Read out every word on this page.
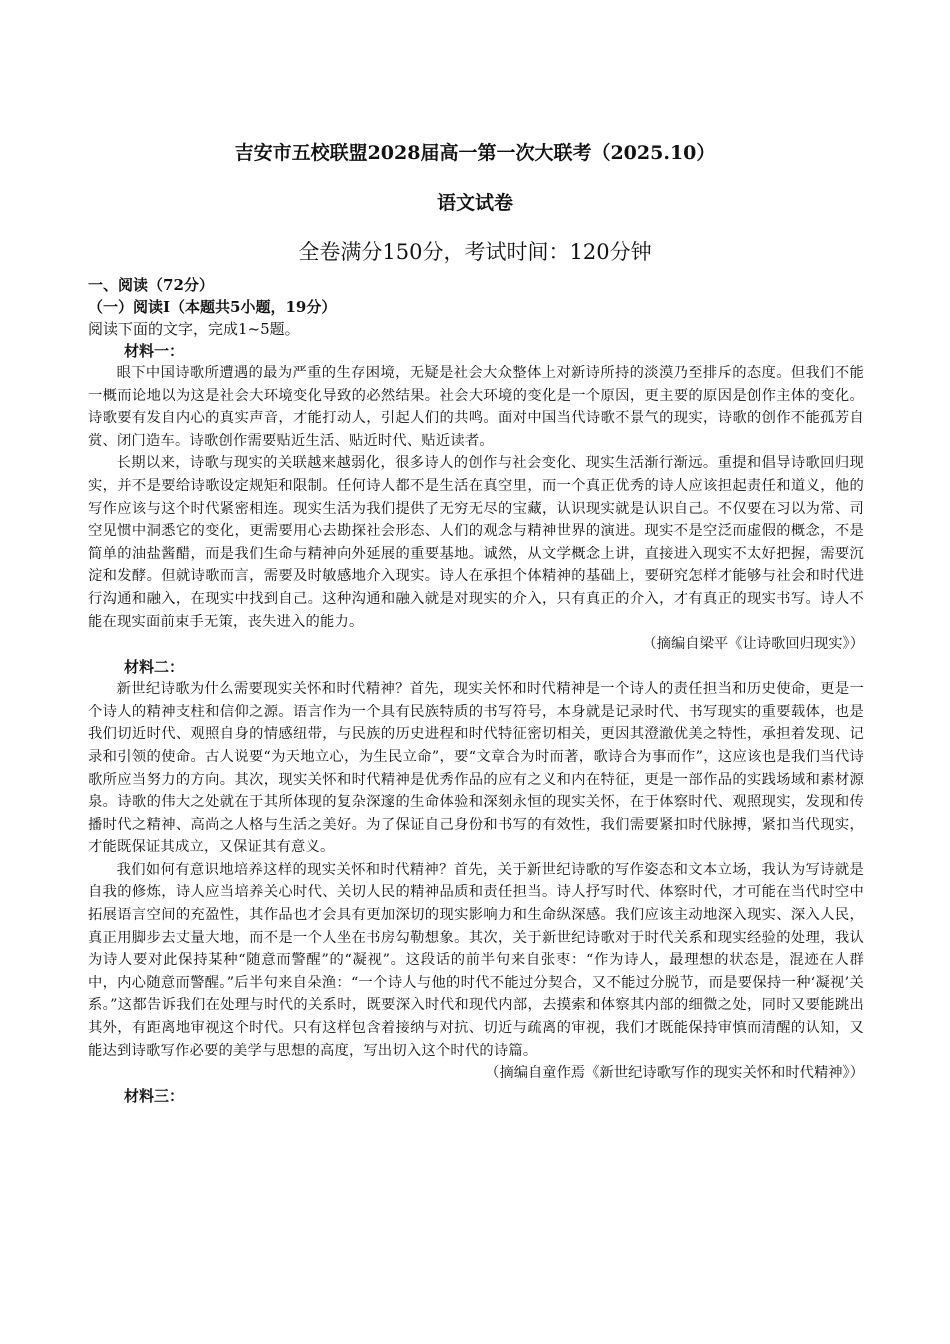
吉安市五校联盟2028届高一第一次大联考（2025.10）
语文试卷
全卷满分150分，考试时间：120分钟
一、阅读（72分）
（一）阅读Ⅰ（本题共5小题，19分）
阅读下面的文字，完成1~5题。
材料一：

眼下中国诗歌所遭遇的最为严重的生存困境，无疑是社会大众整体上对新诗所持的淡漠乃至排斥的态度。但我们不能一概而论地以为这是社会大环境变化导致的必然结果。社会大环境的变化是一个原因，更主要的原因是创作主体的变化。诗歌要有发自内心的真实声音，才能打动人，引起人们的共鸣。面对中国当代诗歌不景气的现实，诗歌的创作不能孤芳自赏、闭门造车。诗歌创作需要贴近生活、贴近时代、贴近读者。

长期以来，诗歌与现实的关联越来越弱化，很多诗人的创作与社会变化、现实生活渐行渐远。重提和倡导诗歌回归现实，并不是要给诗歌设定规矩和限制。任何诗人都不是生活在真空里，而一个真正优秀的诗人应该担起责任和道义，他的写作应该与这个时代紧密相连。现实生活为我们提供了无穷无尽的宝藏，认识现实就是认识自己。不仅要在习以为常、司空见惯中洞悉它的变化，更需要用心去勘探社会形态、人们的观念与精神世界的演进。现实不是空泛而虚假的概念，不是简单的油盐酱醋，而是我们生命与精神向外延展的重要基地。诚然，从文学概念上讲，直接进入现实不太好把握，需要沉淀和发酵。但就诗歌而言，需要及时敏感地介入现实。诗人在承担个体精神的基础上，要研究怎样才能够与社会和时代进行沟通和融入，在现实中找到自己。这种沟通和融入就是对现实的介入，只有真正的介入，才有真正的现实书写。诗人不能在现实面前束手无策，丧失进入的能力。

（摘编自梁平《让诗歌回归现实》）
材料二：

新世纪诗歌为什么需要现实关怀和时代精神？首先，现实关怀和时代精神是一个诗人的责任担当和历史使命，更是一个诗人的精神支柱和信仰之源。语言作为一个具有民族特质的书写符号，本身就是记录时代、书写现实的重要载体，也是我们切近时代、观照自身的情感纽带，与民族的历史进程和时代特征密切相关，更因其澄澈优美之特性，承担着发现、记录和引领的使命。古人说要“为天地立心，为生民立命”，要“文章合为时而著，歌诗合为事而作”，这应该也是我们当代诗歌所应当努力的方向。其次，现实关怀和时代精神是优秀作品的应有之义和内在特征，更是一部作品的实践场域和素材源泉。诗歌的伟大之处就在于其所体现的复杂深邃的生命体验和深刻永恒的现实关怀，在于体察时代、观照现实，发现和传播时代之精神、高尚之人格与生活之美好。为了保证自己身份和书写的有效性，我们需要紧扣时代脉搏，紧扣当代现实，才能既保证其成立，又保证其有意义。

我们如何有意识地培养这样的现实关怀和时代精神？首先，关于新世纪诗歌的写作姿态和文本立场，我认为写诗就是自我的修炼，诗人应当培养关心时代、关切人民的精神品质和责任担当。诗人抒写时代、体察时代，才可能在当代时空中拓展语言空间的充盈性，其作品也才会具有更加深切的现实影响力和生命纵深感。我们应该主动地深入现实、深入人民，真正用脚步去丈量大地，而不是一个人坐在书房勾勒想象。其次，关于新世纪诗歌对于时代关系和现实经验的处理，我认为诗人要对此保持某种“随意而警醒”的“凝视”。这段话的前半句来自张枣：“作为诗人，最理想的状态是，混迹在人群中，内心随意而警醒。”后半句来自朵渔：“一个诗人与他的时代不能过分契合，又不能过分脱节，而是要保持一种‘凝视’关系。”这都告诉我们在处理与时代的关系时，既要深入时代和现代内部，去摸索和体察其内部的细微之处，同时又要能跳出其外，有距离地审视这个时代。只有这样包含着接纳与对抗、切近与疏离的审视，我们才既能保持审慎而清醒的认知，又能达到诗歌写作必要的美学与思想的高度，写出切入这个时代的诗篇。

（摘编自童作焉《新世纪诗歌写作的现实关怀和时代精神》）
材料三：
